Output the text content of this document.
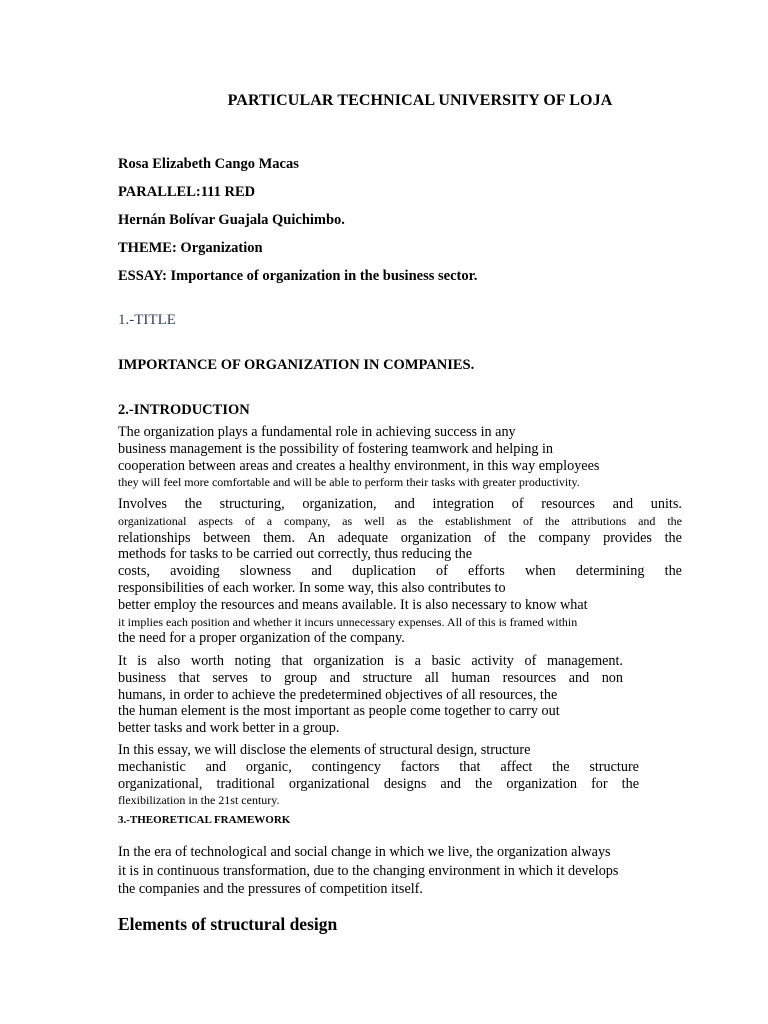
PARTICULAR TECHNICAL UNIVERSITY OF LOJA
Rosa Elizabeth Cango Macas
PARALLEL:111 RED
Hernán Bolívar Guajala Quichimbo.
THEME: Organization
ESSAY: Importance of organization in the business sector.
1.-TITLE
IMPORTANCE OF ORGANIZATION IN COMPANIES.
2.-INTRODUCTION
The organization plays a fundamental role in achieving success in any
business management is the possibility of fostering teamwork and helping in
cooperation between areas and creates a healthy environment, in this way employees
they will feel more comfortable and will be able to perform their tasks with greater productivity.
Involves the structuring, organization, and integration of resources and units.
organizational aspects of a company, as well as the establishment of the attributions and the
relationships between them. An adequate organization of the company provides the
methods for tasks to be carried out correctly, thus reducing the
costs, avoiding slowness and duplication of efforts when determining the
responsibilities of each worker. In some way, this also contributes to
better employ the resources and means available. It is also necessary to know what
it implies each position and whether it incurs unnecessary expenses. All of this is framed within
the need for a proper organization of the company.
It is also worth noting that organization is a basic activity of management.
business that serves to group and structure all human resources and non
humans, in order to achieve the predetermined objectives of all resources, the
the human element is the most important as people come together to carry out
better tasks and work better in a group.
In this essay, we will disclose the elements of structural design, structure
mechanistic and organic, contingency factors that affect the structure
organizational, traditional organizational designs and the organization for the
flexibilization in the 21st century.
3.-THEORETICAL FRAMEWORK
In the era of technological and social change in which we live, the organization always
it is in continuous transformation, due to the changing environment in which it develops
the companies and the pressures of competition itself.
Elements of structural design
